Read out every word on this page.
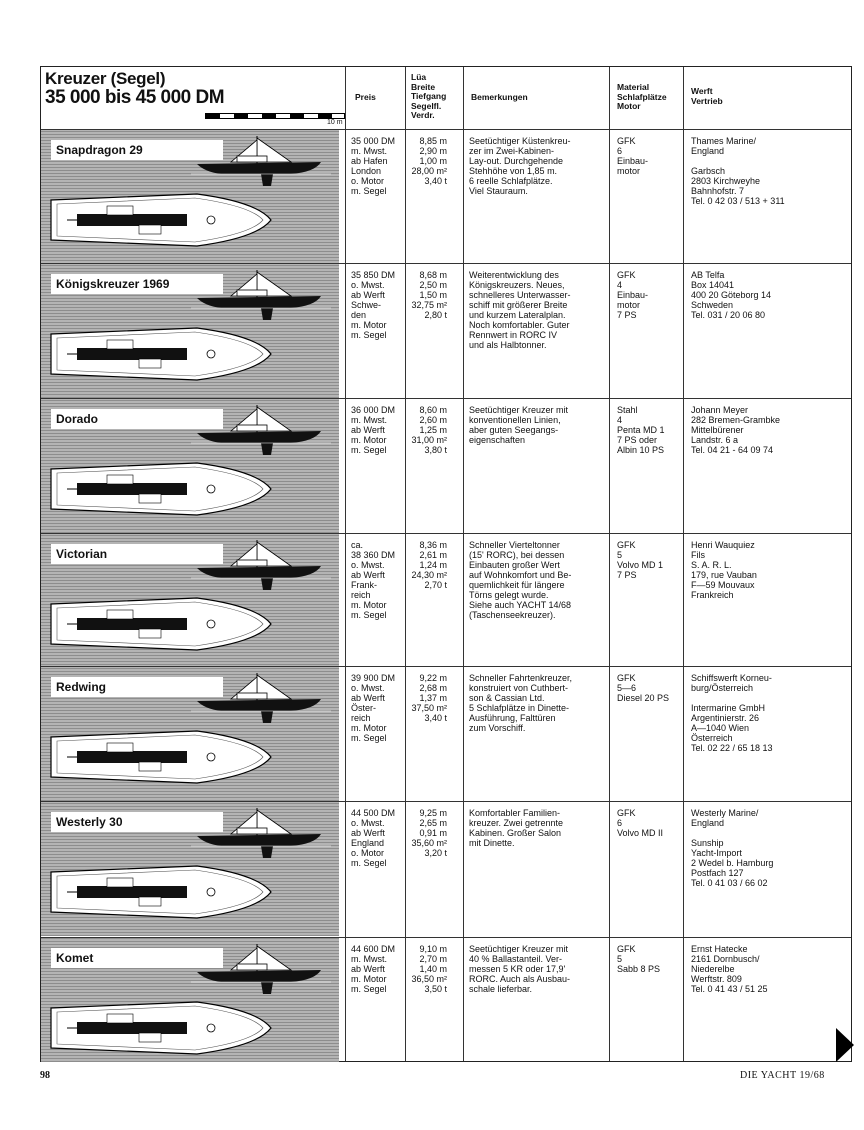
Kreuzer (Segel)
35 000 bis 45 000 DM
10 m
Preis
Lüa
Breite
Tiefgang
Segelfl.
Verdr.
Bemerkungen
Material
Schlafplätze
Motor
Werft
Vertrieb
Snapdragon 29
35 000 DM
m. Mwst.
ab Hafen
London
o. Motor
m. Segel
8,85 m
2,90 m
1,00 m
28,00 m²
3,40 t
Seetüchtiger Küstenkreu-
zer im Zwei-Kabinen-
Lay-out. Durchgehende
Stehhöhe von 1,85 m.
6 reelle Schlafplätze.
Viel Stauraum.
GFK
6
Einbau-
motor
Thames Marine/
England

Garbsch
2803 Kirchweyhe
Bahnhofstr. 7
Tel. 0 42 03 / 513 + 311
Königskreuzer 1969
35 850 DM
o. Mwst.
ab Werft
Schwe-
den
m. Motor
m. Segel
8,68 m
2,50 m
1,50 m
32,75 m²
2,80 t
Weiterentwicklung des
Königskreuzers. Neues,
schnelleres Unterwasser-
schiff mit größerer Breite
und kurzem Lateralplan.
Noch komfortabler. Guter
Rennwert in RORC IV
und als Halbtonner.
GFK
4
Einbau-
motor
7 PS
AB Telfa
Box 14041
400 20 Göteborg 14
Schweden
Tel. 031 / 20 06 80
Dorado
36 000 DM
m. Mwst.
ab Werft
m. Motor
m. Segel
8,60 m
2,60 m
1,25 m
31,00 m²
3,80 t
Seetüchtiger Kreuzer mit
konventionellen Linien,
aber guten Seegangs-
eigenschaften
Stahl
4
Penta MD 1
7 PS oder
Albin 10 PS
Johann Meyer
282 Bremen-Grambke
Mittelbürener
Landstr. 6 a
Tel. 04 21 - 64 09 74
Victorian
ca.
38 360 DM
o. Mwst.
ab Werft
Frank-
reich
m. Motor
m. Segel
8,36 m
2,61 m
1,24 m
24,30 m²
2,70 t
Schneller Vierteltonner
(15' RORC), bei dessen
Einbauten großer Wert
auf Wohnkomfort und Be-
quemlichkeit für längere
Törns gelegt wurde.
Siehe auch YACHT 14/68
(Taschenseekreuzer).
GFK
5
Volvo MD 1
7 PS
Henri Wauquiez
Fils
S. A. R. L.
179, rue Vauban
F—59 Mouvaux
Frankreich
Redwing
39 900 DM
o. Mwst.
ab Werft
Öster-
reich
m. Motor
m. Segel
9,22 m
2,68 m
1,37 m
37,50 m²
3,40 t
Schneller Fahrtenkreuzer,
konstruiert von Cuthbert-
son & Cassian Ltd.
5 Schlafplätze in Dinette-
Ausführung, Falttüren
zum Vorschiff.
GFK
5—6
Diesel 20 PS
Schiffswerft Korneu-
burg/Österreich

Intermarine GmbH
Argentinierstr. 26
A—1040 Wien
Österreich
Tel. 02 22 / 65 18 13
Westerly 30
44 500 DM
o. Mwst.
ab Werft
England
o. Motor
m. Segel
9,25 m
2,65 m
0,91 m
35,60 m²
3,20 t
Komfortabler Familien-
kreuzer. Zwei getrennte
Kabinen. Großer Salon
mit Dinette.
GFK
6
Volvo MD II
Westerly Marine/
England

Sunship
Yacht-Import
2 Wedel b. Hamburg
Postfach 127
Tel. 0 41 03 / 66 02
Komet
44 600 DM
m. Mwst.
ab Werft
m. Motor
m. Segel
9,10 m
2,70 m
1,40 m
36,50 m²
3,50 t
Seetüchtiger Kreuzer mit
40 % Ballastanteil. Ver-
messen 5 KR oder 17,9'
RORC. Auch als Ausbau-
schale lieferbar.
GFK
5
Sabb 8 PS
Ernst Hatecke
2161 Dornbusch/
Niederelbe
Werftstr. 809
Tel. 0 41 43 / 51 25
98	DIE YACHT 19/68
